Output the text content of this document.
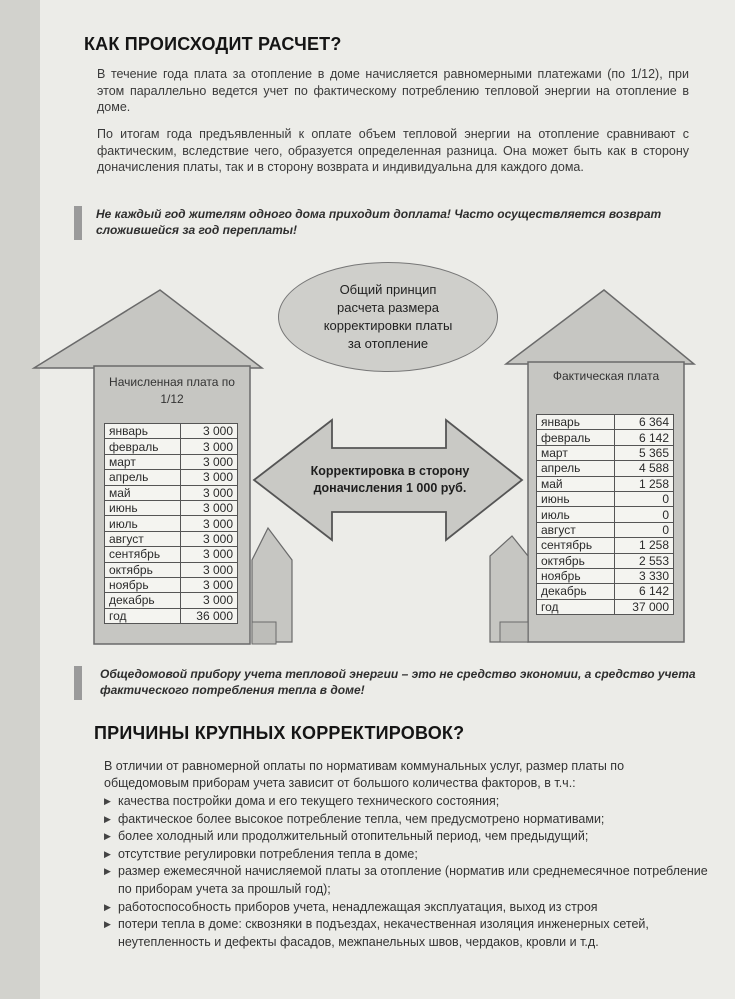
КАК ПРОИСХОДИТ РАСЧЕТ?

В течение года плата за отопление в доме начисляется равномерными платежами (по 1/12), при этом параллельно ведется учет по фактическому потреблению тепловой энергии на отопление в доме.

По итогам года предъявленный к оплате объем тепловой энергии на отопление сравнивают с фактическим, вследствие чего, образуется определенная разница. Она может быть как в сторону доначисления платы, так и в сторону возврата и индивидуальна для каждого дома.

Не каждый год жителям одного дома приходит доплата! Часто осуществляется возврат сложившейся за год переплаты!

Общий принцип расчета размера корректировки платы за отопление
Начисленная плата по 1/12
январь	3 000
февраль	3 000
март	3 000
апрель	3 000
май	3 000
июнь	3 000
июль	3 000
август	3 000
сентябрь	3 000
октябрь	3 000
ноябрь	3 000
декабрь	3 000
год	36 000
Фактическая плата
январь	6 364
февраль	6 142
март	5 365
апрель	4 588
май	1 258
июнь	0
июль	0
август	0
сентябрь	1 258
октябрь	2 553
ноябрь	3 330
декабрь	6 142
год	37 000
Корректировка в сторону доначисления 1 000 руб.

Общедомовой прибору учета тепловой энергии – это не средство экономии, а средство учета фактического потребления тепла в доме!

ПРИЧИНЫ КРУПНЫХ КОРРЕКТИРОВОК?

В отличии от равномерной оплаты по нормативам коммунальных услуг, размер платы по общедомовым приборам учета зависит от большого количества факторов, в т.ч.:

▶ качества постройки дома и его текущего технического состояния;
▶ фактическое более высокое потребление тепла, чем предусмотрено нормативами;
▶ более холодный или продолжительный отопительный период, чем предыдущий;
▶ отсутствие регулировки потребления тепла в доме;
▶ размер ежемесячной начисляемой платы за отопление (норматив или среднемесячное потребление по приборам учета за прошлый год);
▶ работоспособность приборов учета, ненадлежащая эксплуатация, выход из строя
▶ потери тепла в доме: сквозняки в подъездах, некачественная изоляция инженерных сетей, неутепленность и дефекты фасадов, межпанельных швов, чердаков, кровли и т.д.
